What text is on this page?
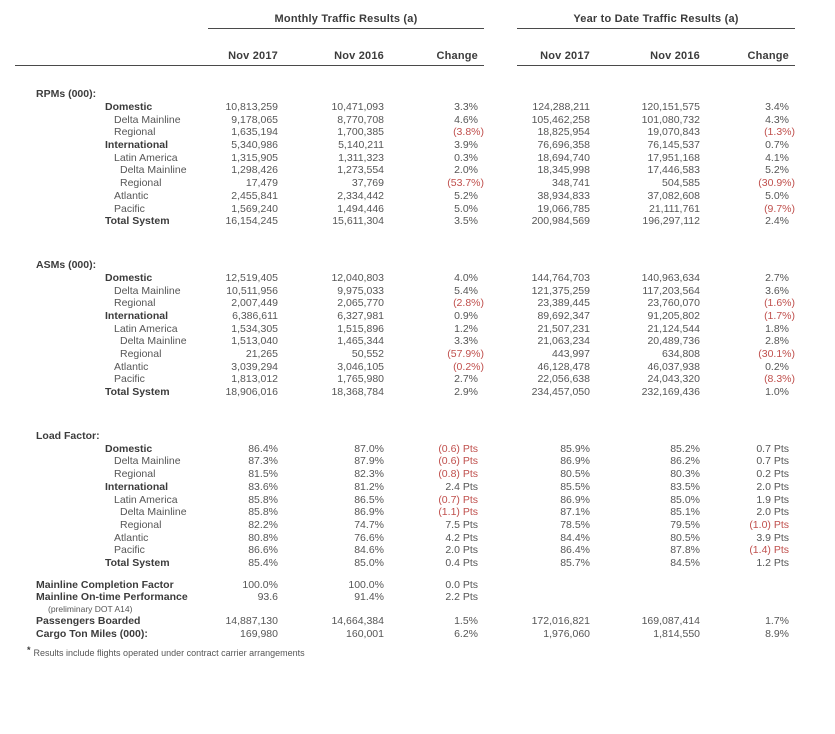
Monthly Traffic Results (a)	Year to Date Traffic Results (a)
Nov 2017	Nov 2016	Change	Nov 2017	Nov 2016	Change
RPMs (000):
Domestic	10,813,259	10,471,093	3.3%	124,288,211	120,151,575	3.4%
Delta Mainline	9,178,065	8,770,708	4.6%	105,462,258	101,080,732	4.3%
Regional	1,635,194	1,700,385	(3.8%)	18,825,954	19,070,843	(1.3%)
International	5,340,986	5,140,211	3.9%	76,696,358	76,145,537	0.7%
Latin America	1,315,905	1,311,323	0.3%	18,694,740	17,951,168	4.1%
Delta Mainline	1,298,426	1,273,554	2.0%	18,345,998	17,446,583	5.2%
Regional	17,479	37,769	(53.7%)	348,741	504,585	(30.9%)
Atlantic	2,455,841	2,334,442	5.2%	38,934,833	37,082,608	5.0%
Pacific	1,569,240	1,494,446	5.0%	19,066,785	21,111,761	(9.7%)
Total System	16,154,245	15,611,304	3.5%	200,984,569	196,297,112	2.4%
ASMs (000):
Domestic	12,519,405	12,040,803	4.0%	144,764,703	140,963,634	2.7%
Delta Mainline	10,511,956	9,975,033	5.4%	121,375,259	117,203,564	3.6%
Regional	2,007,449	2,065,770	(2.8%)	23,389,445	23,760,070	(1.6%)
International	6,386,611	6,327,981	0.9%	89,692,347	91,205,802	(1.7%)
Latin America	1,534,305	1,515,896	1.2%	21,507,231	21,124,544	1.8%
Delta Mainline	1,513,040	1,465,344	3.3%	21,063,234	20,489,736	2.8%
Regional	21,265	50,552	(57.9%)	443,997	634,808	(30.1%)
Atlantic	3,039,294	3,046,105	(0.2%)	46,128,478	46,037,938	0.2%
Pacific	1,813,012	1,765,980	2.7%	22,056,638	24,043,320	(8.3%)
Total System	18,906,016	18,368,784	2.9%	234,457,050	232,169,436	1.0%
Load Factor:
Domestic	86.4%	87.0%	(0.6) Pts	85.9%	85.2%	0.7 Pts
Delta Mainline	87.3%	87.9%	(0.6) Pts	86.9%	86.2%	0.7 Pts
Regional	81.5%	82.3%	(0.8) Pts	80.5%	80.3%	0.2 Pts
International	83.6%	81.2%	2.4 Pts	85.5%	83.5%	2.0 Pts
Latin America	85.8%	86.5%	(0.7) Pts	86.9%	85.0%	1.9 Pts
Delta Mainline	85.8%	86.9%	(1.1) Pts	87.1%	85.1%	2.0 Pts
Regional	82.2%	74.7%	7.5 Pts	78.5%	79.5%	(1.0) Pts
Atlantic	80.8%	76.6%	4.2 Pts	84.4%	80.5%	3.9 Pts
Pacific	86.6%	84.6%	2.0 Pts	86.4%	87.8%	(1.4) Pts
Total System	85.4%	85.0%	0.4 Pts	85.7%	84.5%	1.2 Pts
Mainline Completion Factor	100.0%	100.0%	0.0 Pts
Mainline On-time Performance	93.6	91.4%	2.2 Pts
(preliminary DOT A14)
Passengers Boarded	14,887,130	14,664,384	1.5%	172,016,821	169,087,414	1.7%
Cargo Ton Miles (000):	169,980	160,001	6.2%	1,976,060	1,814,550	8.9%
* Results include flights operated under contract carrier arrangements
